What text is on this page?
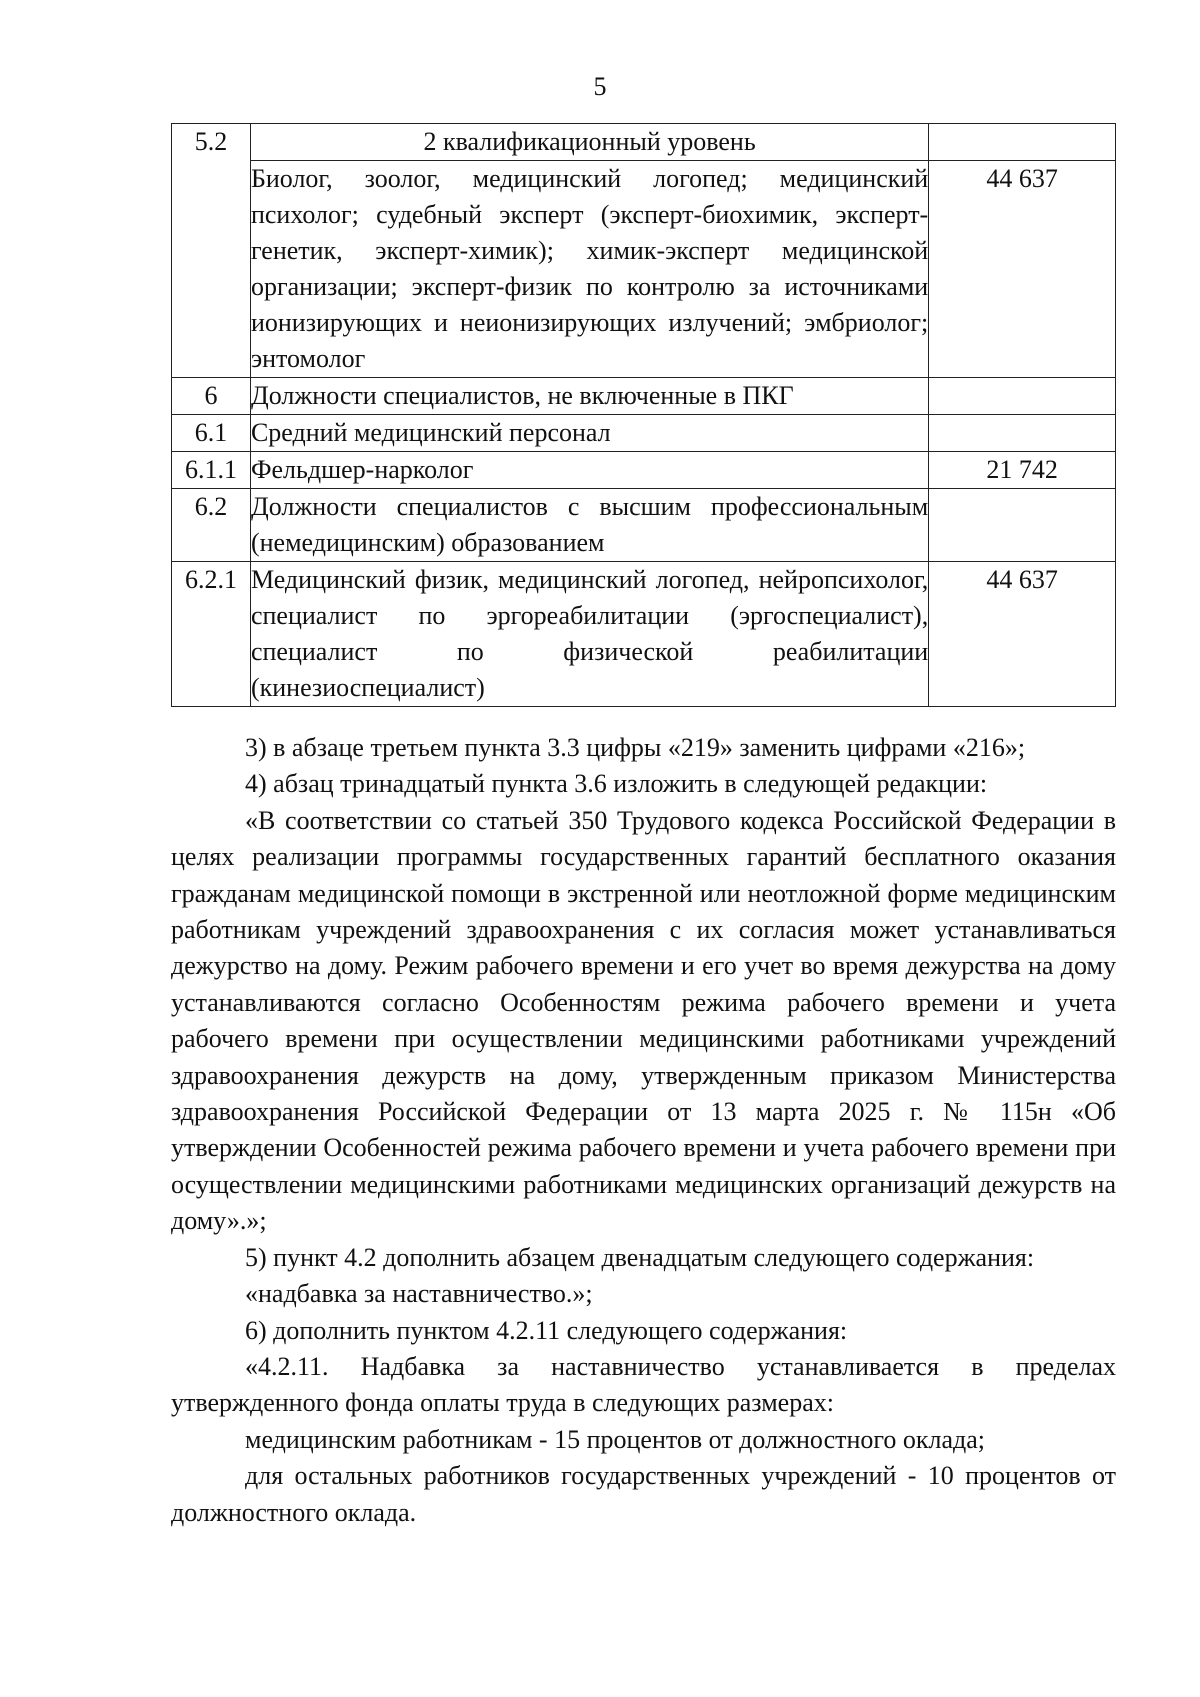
5
5.2	2 квалификационный уровень	

	Биолог, зоолог, медицинский логопед; медицинский психолог; судебный эксперт (эксперт-биохимик, эксперт-генетик, эксперт-химик); химик-эксперт медицинской организации; эксперт-физик по контролю за источниками ионизирующих и неионизирующих излучений; эмбриолог; энтомолог	44 637
6	Должности специалистов, не включенные в ПКГ	
6.1	Средний медицинский персонал	
6.1.1	Фельдшер-нарколог	21 742
6.2	Должности специалистов с высшим профессиональным (немедицинским) образованием	
6.2.1	Медицинский физик, медицинский логопед, нейропсихолог, специалист по эргореабилитации (эргоспециалист), специалист по физической реабилитации (кинезиоспециалист)	44 637

3) в абзаце третьем пункта 3.3 цифры «219» заменить цифрами «216»;

4) абзац тринадцатый пункта 3.6 изложить в следующей редакции:

«В соответствии со статьей 350 Трудового кодекса Российской Федерации в целях реализации программы государственных гарантий бесплатного оказания гражданам медицинской помощи в экстренной или неотложной форме медицинским работникам учреждений здравоохранения с их согласия может устанавливаться дежурство на дому. Режим рабочего времени и его учет во время дежурства на дому устанавливаются согласно Особенностям режима рабочего времени и учета рабочего времени при осуществлении медицинскими работниками учреждений здравоохранения дежурств на дому, утвержденным приказом Министерства здравоохранения Российской Федерации от 13 марта 2025 г. № 115н «Об утверждении Особенностей режима рабочего времени и учета рабочего времени при осуществлении медицинскими работниками медицинских организаций дежурств на дому».»;

5) пункт 4.2 дополнить абзацем двенадцатым следующего содержания:

«надбавка за наставничество.»;

6) дополнить пунктом 4.2.11 следующего содержания:

«4.2.11. Надбавка за наставничество устанавливается в пределах утвержденного фонда оплаты труда в следующих размерах:

медицинским работникам - 15 процентов от должностного оклада;

для остальных работников государственных учреждений - 10 процентов от должностного оклада.
